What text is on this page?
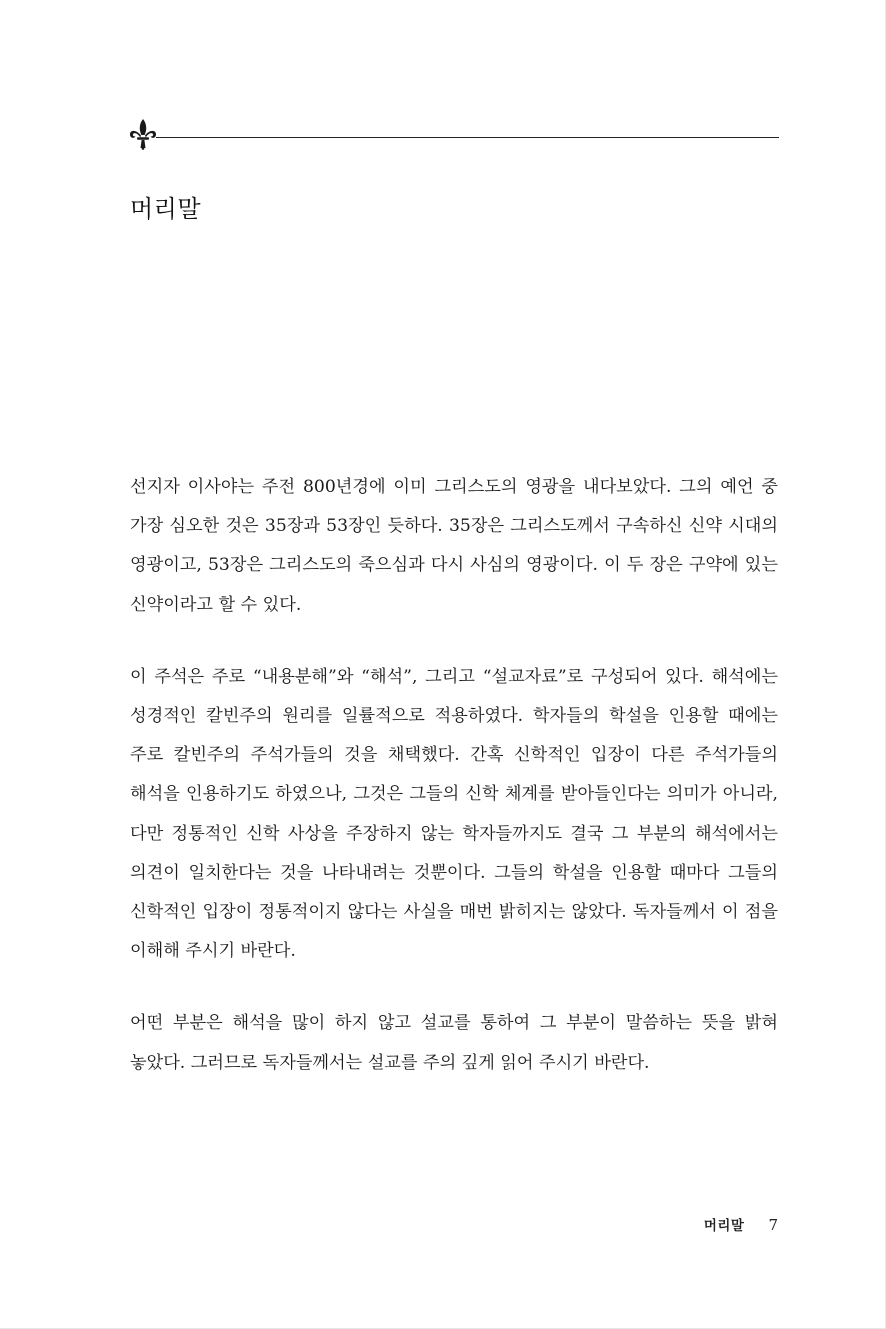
머리말

선지자 이사야는 주전 800년경에 이미 그리스도의 영광을 내다보았다. 그의 예언 중 가장 심오한 것은 35장과 53장인 듯하다. 35장은 그리스도께서 구속하신 신약 시대의 영광이고, 53장은 그리스도의 죽으심과 다시 사심의 영광이다. 이 두 장은 구약에 있는 신약이라고 할 수 있다.

이 주석은 주로 “내용분해”와 “해석”, 그리고 “설교자료”로 구성되어 있다. 해석에는 성경적인 칼빈주의 원리를 일률적으로 적용하였다. 학자들의 학설을 인용할 때에는 주로 칼빈주의 주석가들의 것을 채택했다. 간혹 신학적인 입장이 다른 주석가들의 해석을 인용하기도 하였으나, 그것은 그들의 신학 체계를 받아들인다는 의미가 아니라, 다만 정통적인 신학 사상을 주장하지 않는 학자들까지도 결국 그 부분의 해석에서는 의견이 일치한다는 것을 나타내려는 것뿐이다. 그들의 학설을 인용할 때마다 그들의 신학적인 입장이 정통적이지 않다는 사실을 매번 밝히지는 않았다. 독자들께서 이 점을 이해해 주시기 바란다.

어떤 부분은 해석을 많이 하지 않고 설교를 통하여 그 부분이 말씀하는 뜻을 밝혀 놓았다. 그러므로 독자들께서는 설교를 주의 깊게 읽어 주시기 바란다.

머리말 7
